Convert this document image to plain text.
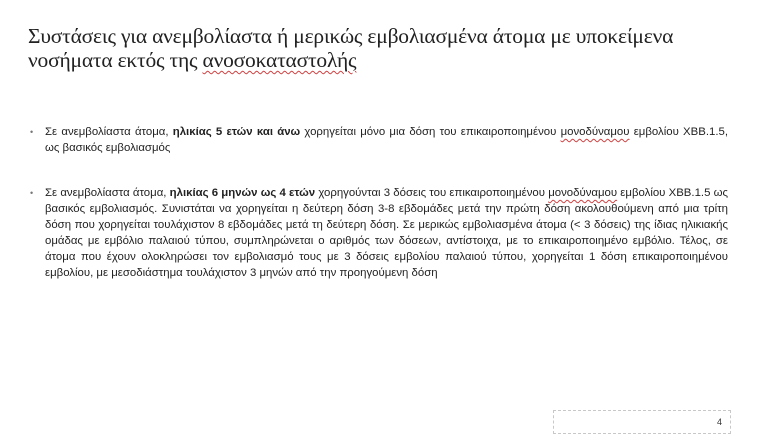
Συστάσεις για ανεμβολίαστα ή μερικώς εμβολιασμένα άτομα με υποκείμενα νοσήματα εκτός της ανοσοκαταστολής

• Σε ανεμβολίαστα άτομα, ηλικίας 5 ετών και άνω χορηγείται μόνο μια δόση του επικαιροποιημένου μονοδύναμου εμβολίου XBB.1.5, ως βασικός εμβολιασμός

• Σε ανεμβολίαστα άτομα, ηλικίας 6 μηνών ως 4 ετών χορηγούνται 3 δόσεις του επικαιροποιημένου μονοδύναμου εμβολίου XBB.1.5 ως βασικός εμβολιασμός. Συνιστάται να χορηγείται η δεύτερη δόση 3-8 εβδομάδες μετά την πρώτη δόση ακολουθούμενη από μια τρίτη δόση που χορηγείται τουλάχιστον 8 εβδομάδες μετά τη δεύτερη δόση. Σε μερικώς εμβολιασμένα άτομα (< 3 δόσεις) της ίδιας ηλικιακής ομάδας με εμβόλιο παλαιού τύπου, συμπληρώνεται ο αριθμός των δόσεων, αντίστοιχα, με το επικαιροποιημένο εμβόλιο. Τέλος, σε άτομα που έχουν ολοκληρώσει τον εμβολιασμό τους με 3 δόσεις εμβολίου παλαιού τύπου, χορηγείται 1 δόση επικαιροποιημένου εμβολίου, με μεσοδιάστημα τουλάχιστον 3 μηνών από την προηγούμενη δόση

4
